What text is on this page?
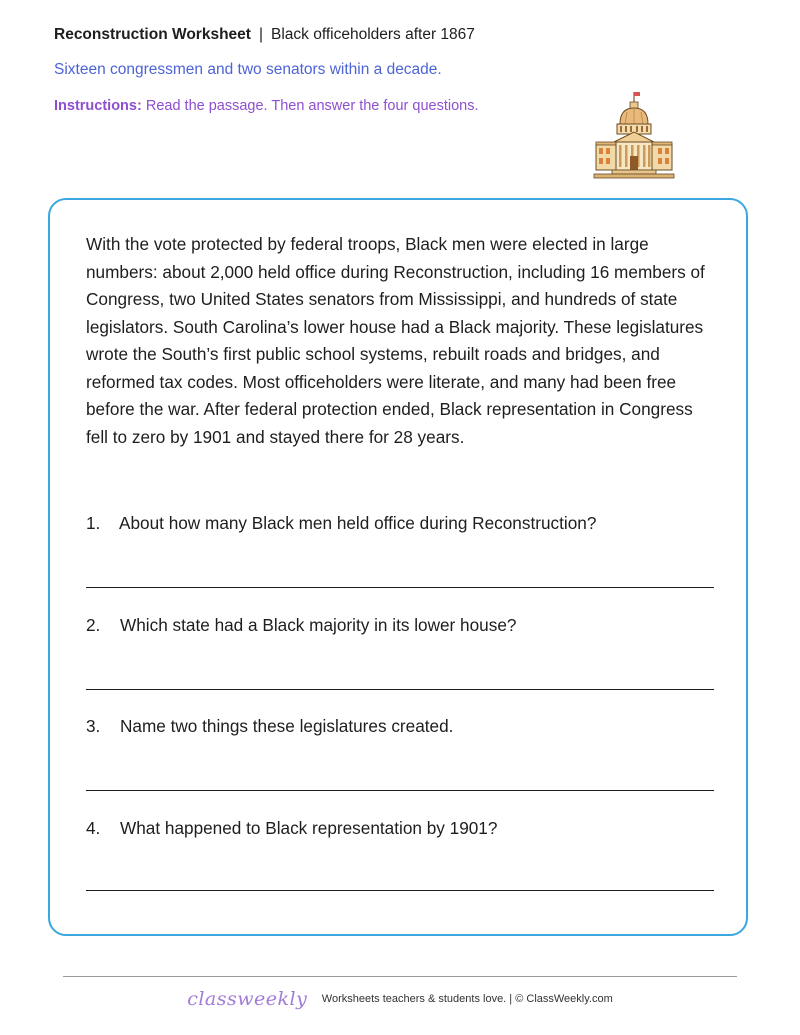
Reconstruction Worksheet | Black officeholders after 1867
Sixteen congressmen and two senators within a decade.
Instructions: Read the passage. Then answer the four questions.
With the vote protected by federal troops, Black men were elected in large numbers: about 2,000 held office during Reconstruction, including 16 members of Congress, two United States senators from Mississippi, and hundreds of state legislators. South Carolina’s lower house had a Black majority. These legislatures wrote the South’s first public school systems, rebuilt roads and bridges, and reformed tax codes. Most officeholders were literate, and many had been free before the war. After federal protection ended, Black representation in Congress fell to zero by 1901 and stayed there for 28 years.
1. About how many Black men held office during Reconstruction?
2. Which state had a Black majority in its lower house?
3. Name two things these legislatures created.
4. What happened to Black representation by 1901?
classweekly Worksheets teachers & students love. | © ClassWeekly.com
